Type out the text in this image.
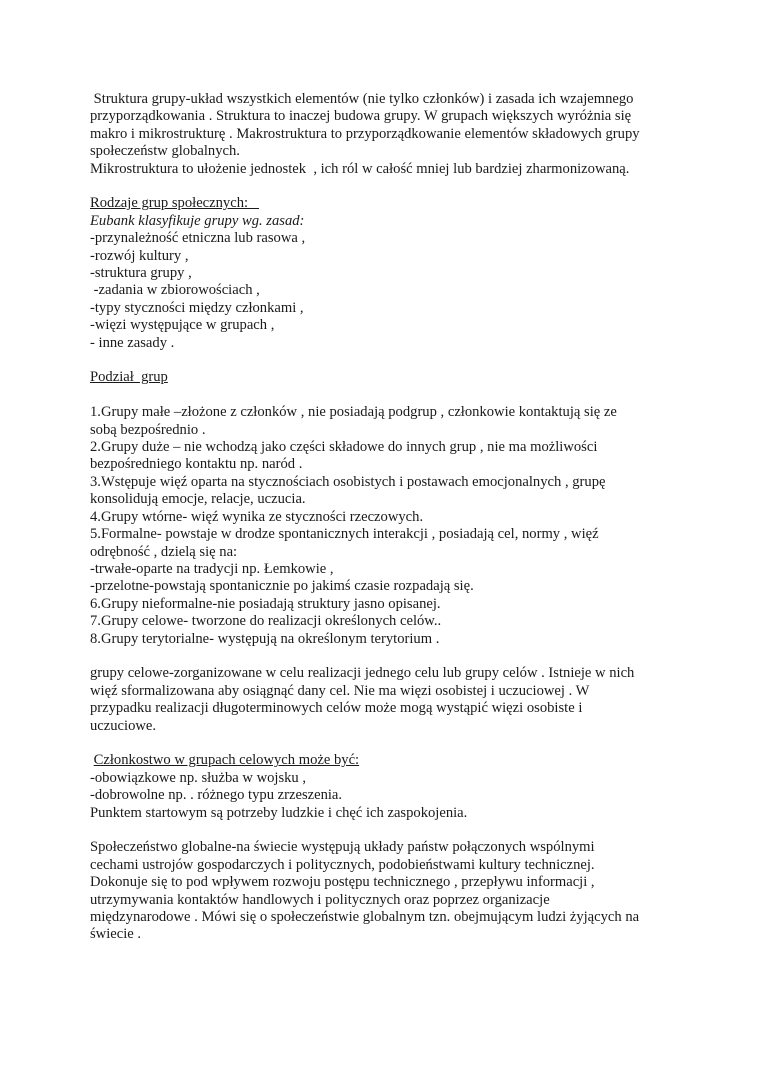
Struktura grupy-układ wszystkich elementów (nie tylko członków) i zasada ich wzajemnego

przyporządkowania . Struktura to inaczej budowa grupy. W grupach większych wyróżnia się

makro i mikrostrukturę . Makrostruktura to przyporządkowanie elementów składowych grupy

społeczeństw globalnych.

Mikrostruktura to ułożenie jednostek  , ich ról w całość mniej lub bardziej zharmonizowaną.

Rodzaje grup społecznych:

Eubank klasyfikuje grupy wg. zasad:

-przynależność etniczna lub rasowa ,

-rozwój kultury ,

-struktura grupy ,

-zadania w zbiorowościach ,

-typy styczności między członkami ,

-więzi występujące w grupach ,

- inne zasady .

Podział  grup

1.Grupy małe –złożone z członków , nie posiadają podgrup , członkowie kontaktują się ze

sobą bezpośrednio .

2.Grupy duże – nie wchodzą jako części składowe do innych grup , nie ma możliwości

bezpośredniego kontaktu np. naród .

3.Wstępuje więź oparta na stycznościach osobistych i postawach emocjonalnych , grupę

konsolidują emocje, relacje, uczucia.

4.Grupy wtórne- więź wynika ze styczności rzeczowych.

5.Formalne- powstaje w drodze spontanicznych interakcji , posiadają cel, normy , więź

odrębność , dzielą się na:

-trwałe-oparte na tradycji np. Łemkowie ,

-przelotne-powstają spontanicznie po jakimś czasie rozpadają się.

6.Grupy nieformalne-nie posiadają struktury jasno opisanej.

7.Grupy celowe- tworzone do realizacji określonych celów..

8.Grupy terytorialne- występują na określonym terytorium .

grupy celowe-zorganizowane w celu realizacji jednego celu lub grupy celów . Istnieje w nich

więź sformalizowana aby osiągnąć dany cel. Nie ma więzi osobistej i uczuciowej . W

przypadku realizacji długoterminowych celów może mogą wystąpić więzi osobiste i

uczuciowe.

Członkostwo w grupach celowych może być:

-obowiązkowe np. służba w wojsku ,

-dobrowolne np. . różnego typu zrzeszenia.

Punktem startowym są potrzeby ludzkie i chęć ich zaspokojenia.

Społeczeństwo globalne-na świecie występują układy państw połączonych wspólnymi

cechami ustrojów gospodarczych i politycznych, podobieństwami kultury technicznej.

Dokonuje się to pod wpływem rozwoju postępu technicznego , przepływu informacji ,

utrzymywania kontaktów handlowych i politycznych oraz poprzez organizacje

międzynarodowe . Mówi się o społeczeństwie globalnym tzn. obejmującym ludzi żyjących na

świecie .
